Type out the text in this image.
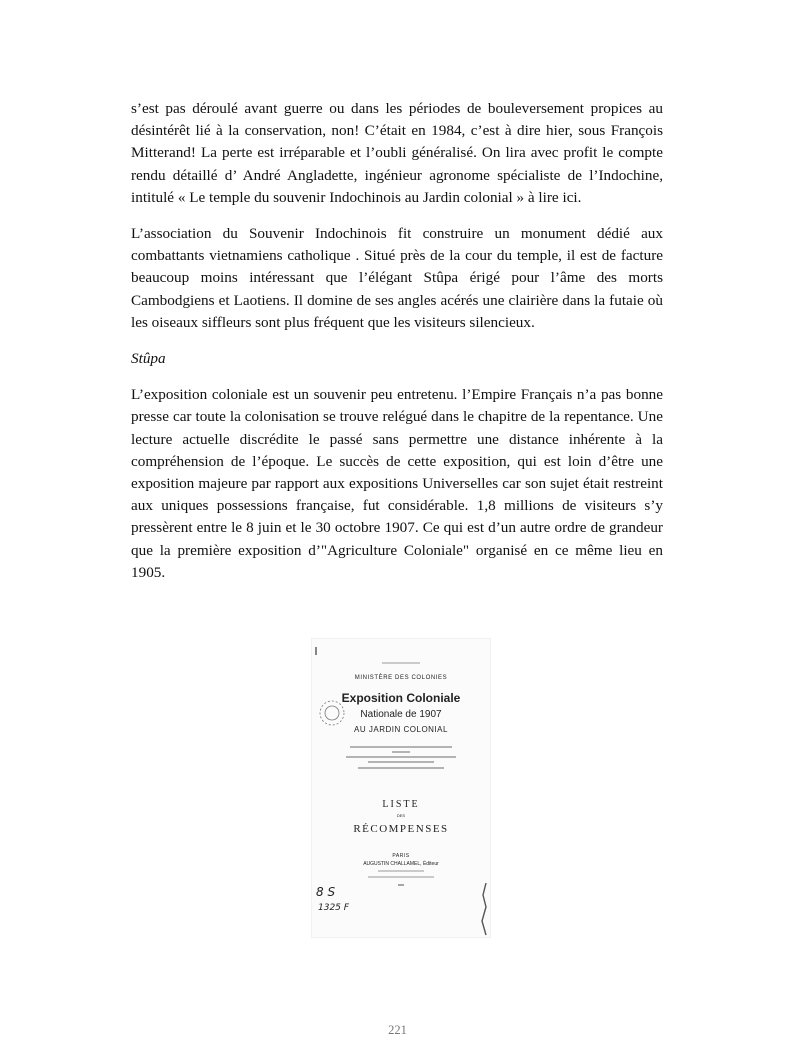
s’est pas déroulé avant guerre ou dans les périodes de bouleversement propices au désintérêt lié à la conservation, non! C’était en 1984, c’est à dire hier, sous François Mitterand! La perte est irréparable et l’oubli généralisé. On lira avec profit le compte rendu détaillé d’ André Angladette, ingénieur agronome spécialiste de l’Indochine, intitulé « Le temple du souvenir Indochinois au Jardin colonial » à lire ici.

L’association du Souvenir Indochinois fit construire un monument dédié aux combattants vietnamiens catholique . Situé près de la cour du temple, il est de facture beaucoup moins intéressant que l’élégant Stûpa érigé pour l’âme des morts Cambodgiens et Laotiens. Il domine de ses angles acérés une clairière dans la futaie où les oiseaux siffleurs sont plus fréquent que les visiteurs silencieux.

Stûpa

L’exposition coloniale est un souvenir peu entretenu. l’Empire Français n’a pas bonne presse car toute la colonisation se trouve relégué dans le chapitre de la repentance. Une lecture actuelle discrédite le passé sans permettre une distance inhérente à la compréhension de l’époque. Le succès de cette exposition, qui est loin d’être une exposition majeure par rapport aux expositions Universelles car son sujet était restreint aux uniques possessions française, fut considérable. 1,8 millions de visiteurs s’y pressèrent entre le 8 juin et le 30 octobre 1907. Ce qui est d’un autre ordre de grandeur que la première exposition d’"Agriculture Coloniale" organisé en ce même lieu en 1905.

MINISTÈRE DES COLONIES
Exposition Coloniale
Nationale de 1907
AU JARDIN COLONIAL
LISTE
DES
RÉCOMPENSES
PARIS
AUGUSTIN CHALLAMEL, Éditeur
8 S
1325 F
221
